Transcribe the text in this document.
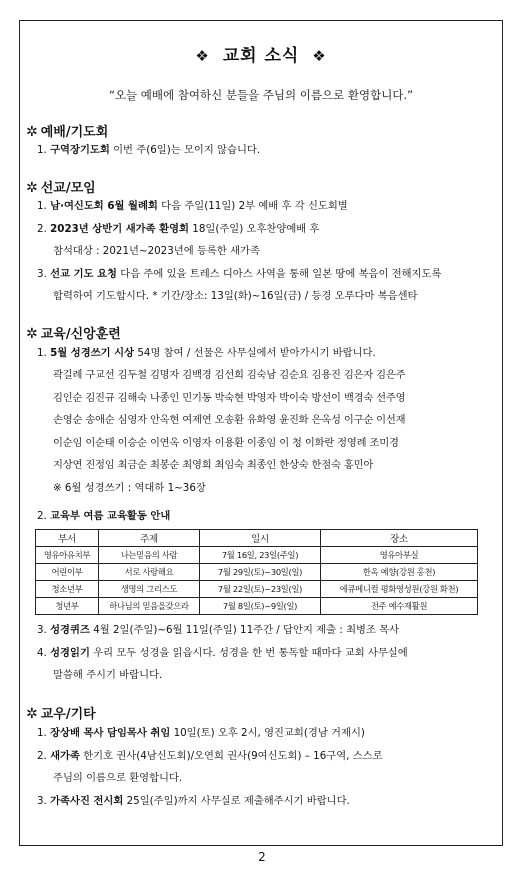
❖ 교회 소식 ❖
“오늘 예배에 참여하신 분들을 주님의 이름으로 환영합니다.”
✲ 예배/기도회
1. 구역장기도회 이번 주(6일)는 모이지 않습니다.
✲ 선교/모임
1. 남·여신도회 6월 월례회 다음 주일(11일) 2부 예배 후 각 신도회별
2. 2023년 상반기 새가족 환영회 18일(주일) 오후찬양예배 후
참석대상 : 2021년~2023년에 등록한 새가족
3. 선교 기도 요청 다음 주에 있을 트레스 디아스 사역을 통해 일본 땅에 복음이 전해지도록
합력하여 기도합시다. * 기간/장소: 13일(화)~16일(금) / 등경 오루다마 복음센타
✲ 교육/신앙훈련
1. 5월 성경쓰기 시상 54명 참여 / 선물은 사무실에서 받아가시기 바랍니다.
곽길례 구교선 김두철 김명자 김백경 김선희 김숙남 김순요 김용진 김은자 김은주
김인순 김진규 김해숙 나종인 민기동 박숙현 박영자 박이숙 방선이 백경숙 선주영
손영순 송애순 심영자 안옥현 여제연 오송환 유화영 윤진화 은옥성 이구순 이선재
이순임 이순태 이승순 이연옥 이영자 이용환 이종임 이 청 이화란 정영례 조미경
지상연 진정임 최금순 최봉순 최영희 최임숙 최종인 한상숙 한점숙 홍민아
※ 6월 성경쓰기 : 역대하 1~36장
2. 교육부 여름 교육활동 안내
부서	주제	일시	장소
영유아유치부	나는믿음의 사람	7월 16일, 23일(주일)	영유아부실
어린이부	서로 사랑해요	7월 29일(토)~30일(일)	한옥 예향(강원 홍천)
청소년부	생명의 그리스도	7월 22일(토)~23일(일)	에큐메니컬 평화영성원(강원 화천)
청년부	하나님의 믿음을갖으라	7월 8일(토)~9일(일)	전주 예수재활원
3. 성경퀴즈 4월 2일(주일)~6월 11일(주일) 11주간 / 답안지 제출 : 최병조 목사
4. 성경읽기 우리 모두 성경을 읽읍시다. 성경을 한 번 통독할 때마다 교회 사무실에
말씀해 주시기 바랍니다.
✲ 교우/기타
1. 장상배 목사 담임목사 취임 10일(토) 오후 2시, 영진교회(경남 거제시)
2. 새가족 한기호 권사(4남신도회)/오연희 권사(9여신도회) – 16구역, 스스로
주님의 이름으로 환영합니다.
3. 가족사진 전시회 25일(주일)까지 사무실로 제출해주시기 바랍니다.
2
